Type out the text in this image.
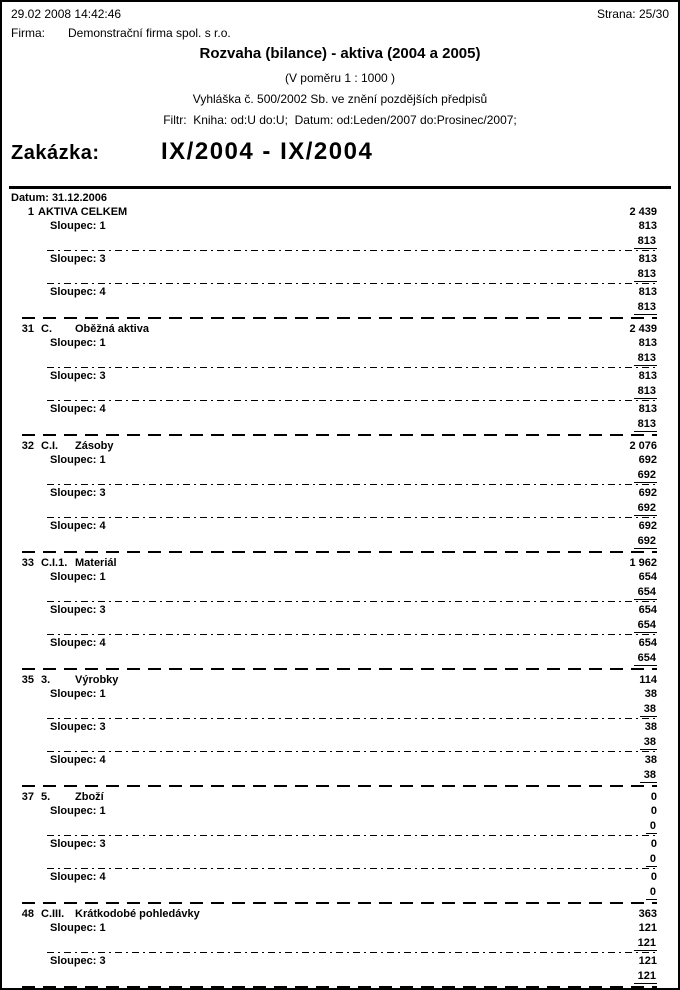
29.02 2008 14:42:46	Strana: 25/30
Firma:	Demonstrační firma spol. s r.o.
Rozvaha (bilance) - aktiva (2004 a 2005)
(V poměru 1 : 1000 )
Vyhláška č. 500/2002 Sb. ve znění pozdějších předpisů
Filtr:  Kniha: od:U do:U;  Datum: od:Leden/2007 do:Prosinec/2007;
Zakázka:	IX/2004 - IX/2004
Datum: 31.12.2006
1 AKTIVA CELKEM	2 439
Sloupec: 1	813
813
Sloupec: 3	813
813
Sloupec: 4	813
813
31 C.	Oběžná aktiva	2 439
Sloupec: 1	813
813
Sloupec: 3	813
813
Sloupec: 4	813
813
32 C.I.	Zásoby	2 076
Sloupec: 1	692
692
Sloupec: 3	692
692
Sloupec: 4	692
692
33 C.I.1. Materiál	1 962
Sloupec: 1	654
654
Sloupec: 3	654
654
Sloupec: 4	654
654
35 3.	Výrobky	114
Sloupec: 1	38
38
Sloupec: 3	38
38
Sloupec: 4	38
38
37 5.	Zboží	0
Sloupec: 1	0
0
Sloupec: 3	0
0
Sloupec: 4	0
0
48 C.III. Krátkodobé pohledávky	363
Sloupec: 1	121
121
Sloupec: 3	121
121
